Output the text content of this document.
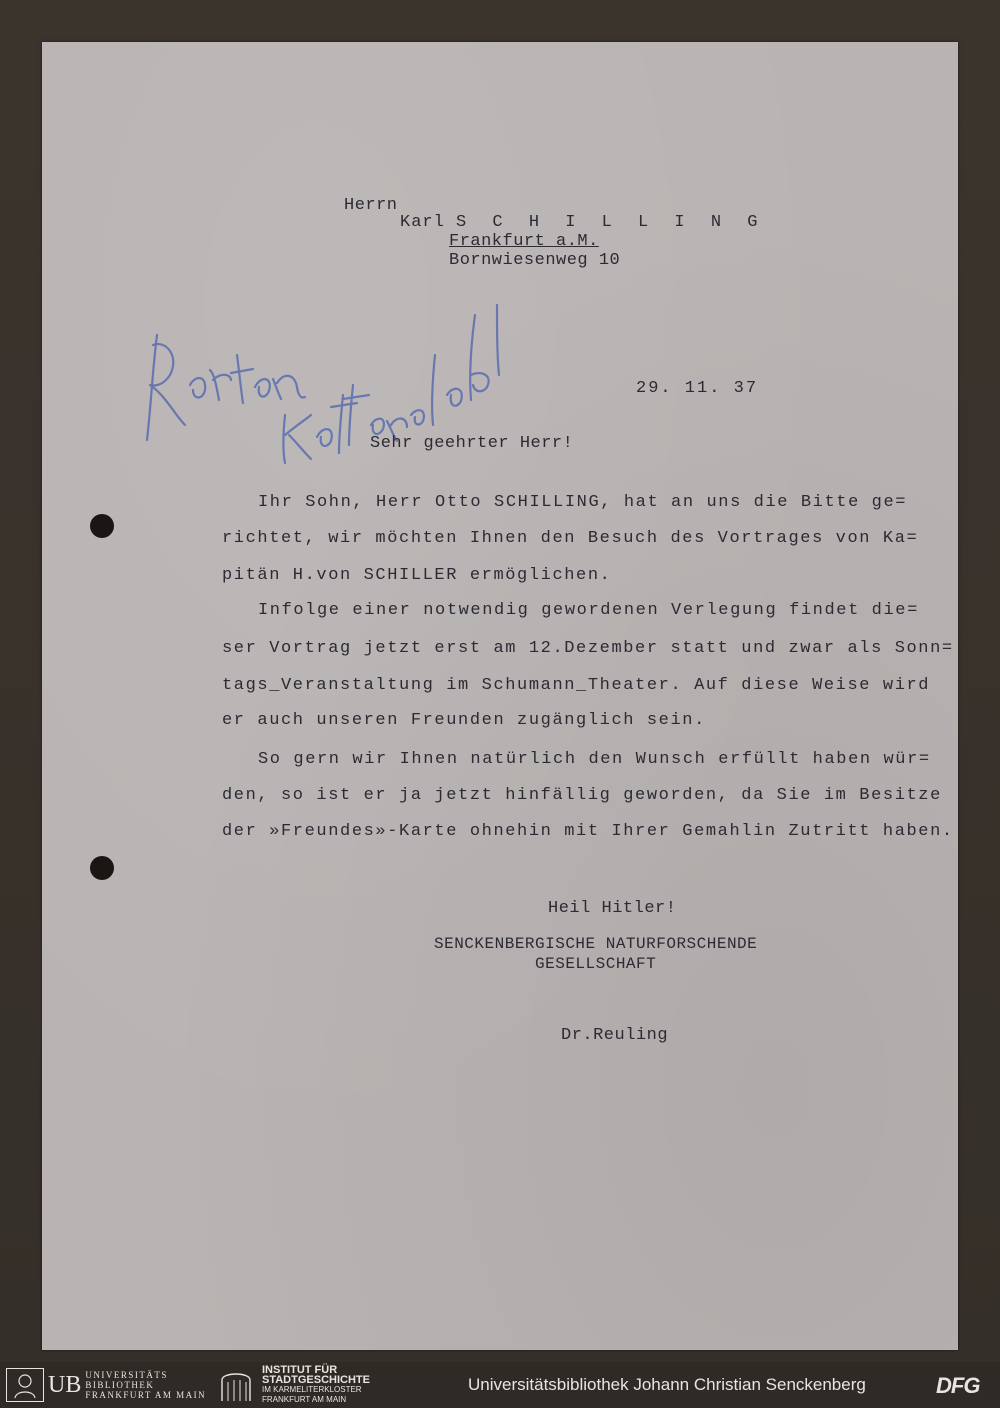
Herrn
Karl S C H I L L I N G
Frankfurt a.M.
Bornwiesenweg 10
29. 11. 37
Sehr geehrter Herr!
Ihr Sohn, Herr Otto SCHILLING, hat an uns die Bitte ge=
richtet, wir möchten Ihnen den Besuch des Vortrages von Ka=
pitän H.von SCHILLER ermöglichen.
Infolge einer notwendig gewordenen Verlegung findet die=
ser Vortrag jetzt erst am 12.Dezember statt und zwar als Sonn=
tags_Veranstaltung im Schumann_Theater. Auf diese Weise wird
er auch unseren Freunden zugänglich sein.
So gern wir Ihnen natürlich den Wunsch erfüllt haben wür=
den, so ist er ja jetzt hinfällig geworden, da Sie im Besitze
der »Freundes»-Karte ohnehin mit Ihrer Gemahlin Zutritt haben.
Heil Hitler!
SENCKENBERGISCHE NATURFORSCHENDE
GESELLSCHAFT
Dr.Reuling
UB UNIVERSITÄTS
BIBLIOTHEK
FRANKFURT AM MAIN
INSTITUT FÜR
STADTGESCHICHTE
IM KARMELITERKLOSTER
FRANKFURT AM MAIN
Universitätsbibliothek Johann Christian Senckenberg	DFG
